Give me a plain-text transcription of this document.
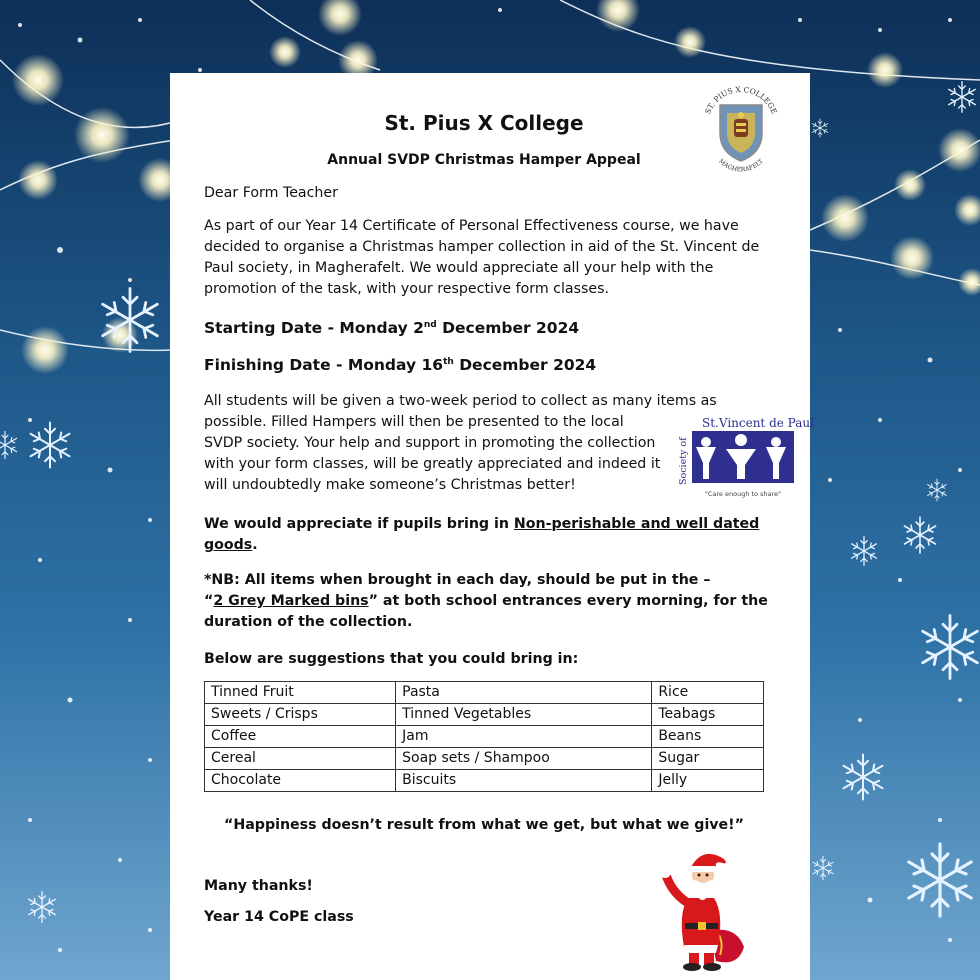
ST. PIUS X COLLEGE
MAGHERAFELT

St. Pius X College

Annual SVDP Christmas Hamper Appeal

Dear Form Teacher

As part of our Year 14 Certificate of Personal Effectiveness course, we have
decided to organise a Christmas hamper collection in aid of the St. Vincent de
Paul society, in Magherafelt. We would appreciate all your help with the
promotion of the task, with your respective form classes.

Starting Date - Monday 2nd December 2024

Finishing Date - Monday 16th December 2024

All students will be given a two-week period to collect as many items as
possible. Filled Hampers will then be presented to the local
SVDP society. Your help and support in promoting the collection
with your form classes, will be greatly appreciated and indeed it
will undoubtedly make someone’s Christmas better!
St.Vincent de Paul
Society of
"Care enough to share"

We would appreciate if pupils bring in Non-perishable and well dated goods.

*NB: All items when brought in each day, should be put in the –
“2 Grey Marked bins” at both school entrances every morning, for the
duration of the collection.

Below are suggestions that you could bring in:

Tinned Fruit	Pasta	Rice
Sweets / Crisps	Tinned Vegetables	Teabags
Coffee	Jam	Beans
Cereal	Soap sets / Shampoo	Sugar
Chocolate	Biscuits	Jelly

“Happiness doesn’t result from what we get, but what we give!”

Many thanks!

Year 14 CoPE class
